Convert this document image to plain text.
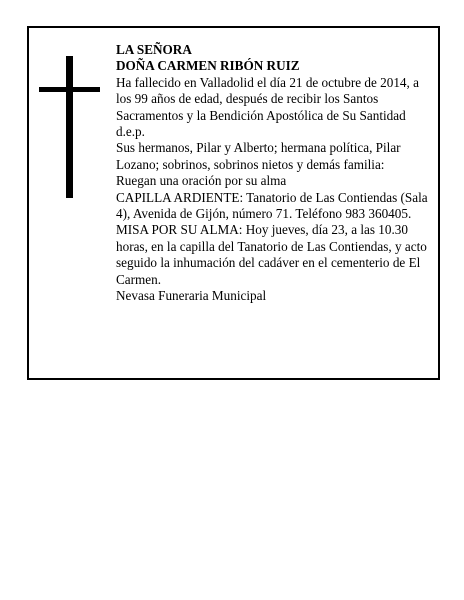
LA SEÑORA

DOÑA CARMEN RIBÓN RUIZ

Ha fallecido en Valladolid el día 21 de octubre de 2014, a los 99 años de edad, después de recibir los Santos Sacramentos y la Bendición Apostólica de Su Santidad d.e.p.

Sus hermanos, Pilar y Alberto; hermana política, Pilar Lozano; sobrinos, sobrinos nietos y demás familia:

Ruegan una oración por su alma

CAPILLA ARDIENTE: Tanatorio de Las Contiendas (Sala 4), Avenida de Gijón, número 71. Teléfono 983 360405.

MISA POR SU ALMA: Hoy jueves, día 23, a las 10.30 horas, en la capilla del Tanatorio de Las Contiendas, y acto seguido la inhumación del cadáver en el cementerio de El Carmen.

Nevasa Funeraria Municipal
